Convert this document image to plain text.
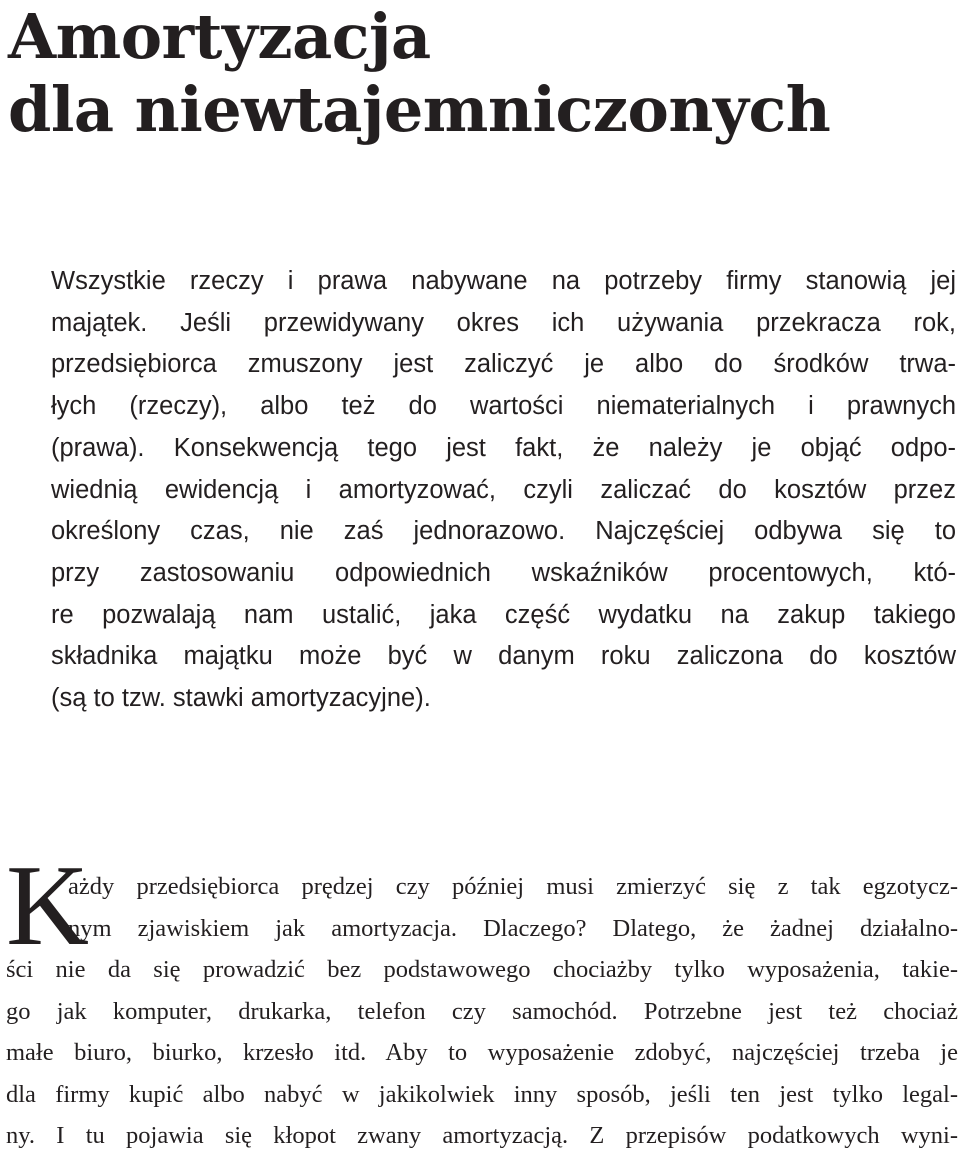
Amortyzacja
dla niewtajemniczonych
Wszystkie rzeczy i prawa nabywane na potrzeby firmy stanowią jej
majątek. Jeśli przewidywany okres ich używania przekracza rok,
przedsiębiorca zmuszony jest zaliczyć je albo do środków trwa-
łych (rzeczy), albo też do wartości niematerialnych i prawnych
(prawa). Konsekwencją tego jest fakt, że należy je objąć odpo-
wiednią ewidencją i amortyzować, czyli zaliczać do kosztów przez
określony czas, nie zaś jednorazowo. Najczęściej odbywa się to
przy zastosowaniu odpowiednich wskaźników procentowych, któ-
re pozwalają nam ustalić, jaka część wydatku na zakup takiego
składnika majątku może być w danym roku zaliczona do kosztów
(są to tzw. stawki amortyzacyjne).
K
ażdy przedsiębiorca prędzej czy później musi zmierzyć się z tak egzotycz-
nym zjawiskiem jak amortyzacja. Dlaczego? Dlatego, że żadnej działalno-
ści nie da się prowadzić bez podstawowego chociażby tylko wyposażenia, takie-
go jak komputer, drukarka, telefon czy samochód. Potrzebne jest też chociaż
małe biuro, biurko, krzesło itd. Aby to wyposażenie zdobyć, najczęściej trzeba je
dla firmy kupić albo nabyć w jakikolwiek inny sposób, jeśli ten jest tylko legal-
ny. I tu pojawia się kłopot zwany amortyzacją. Z przepisów podatkowych wyni-
